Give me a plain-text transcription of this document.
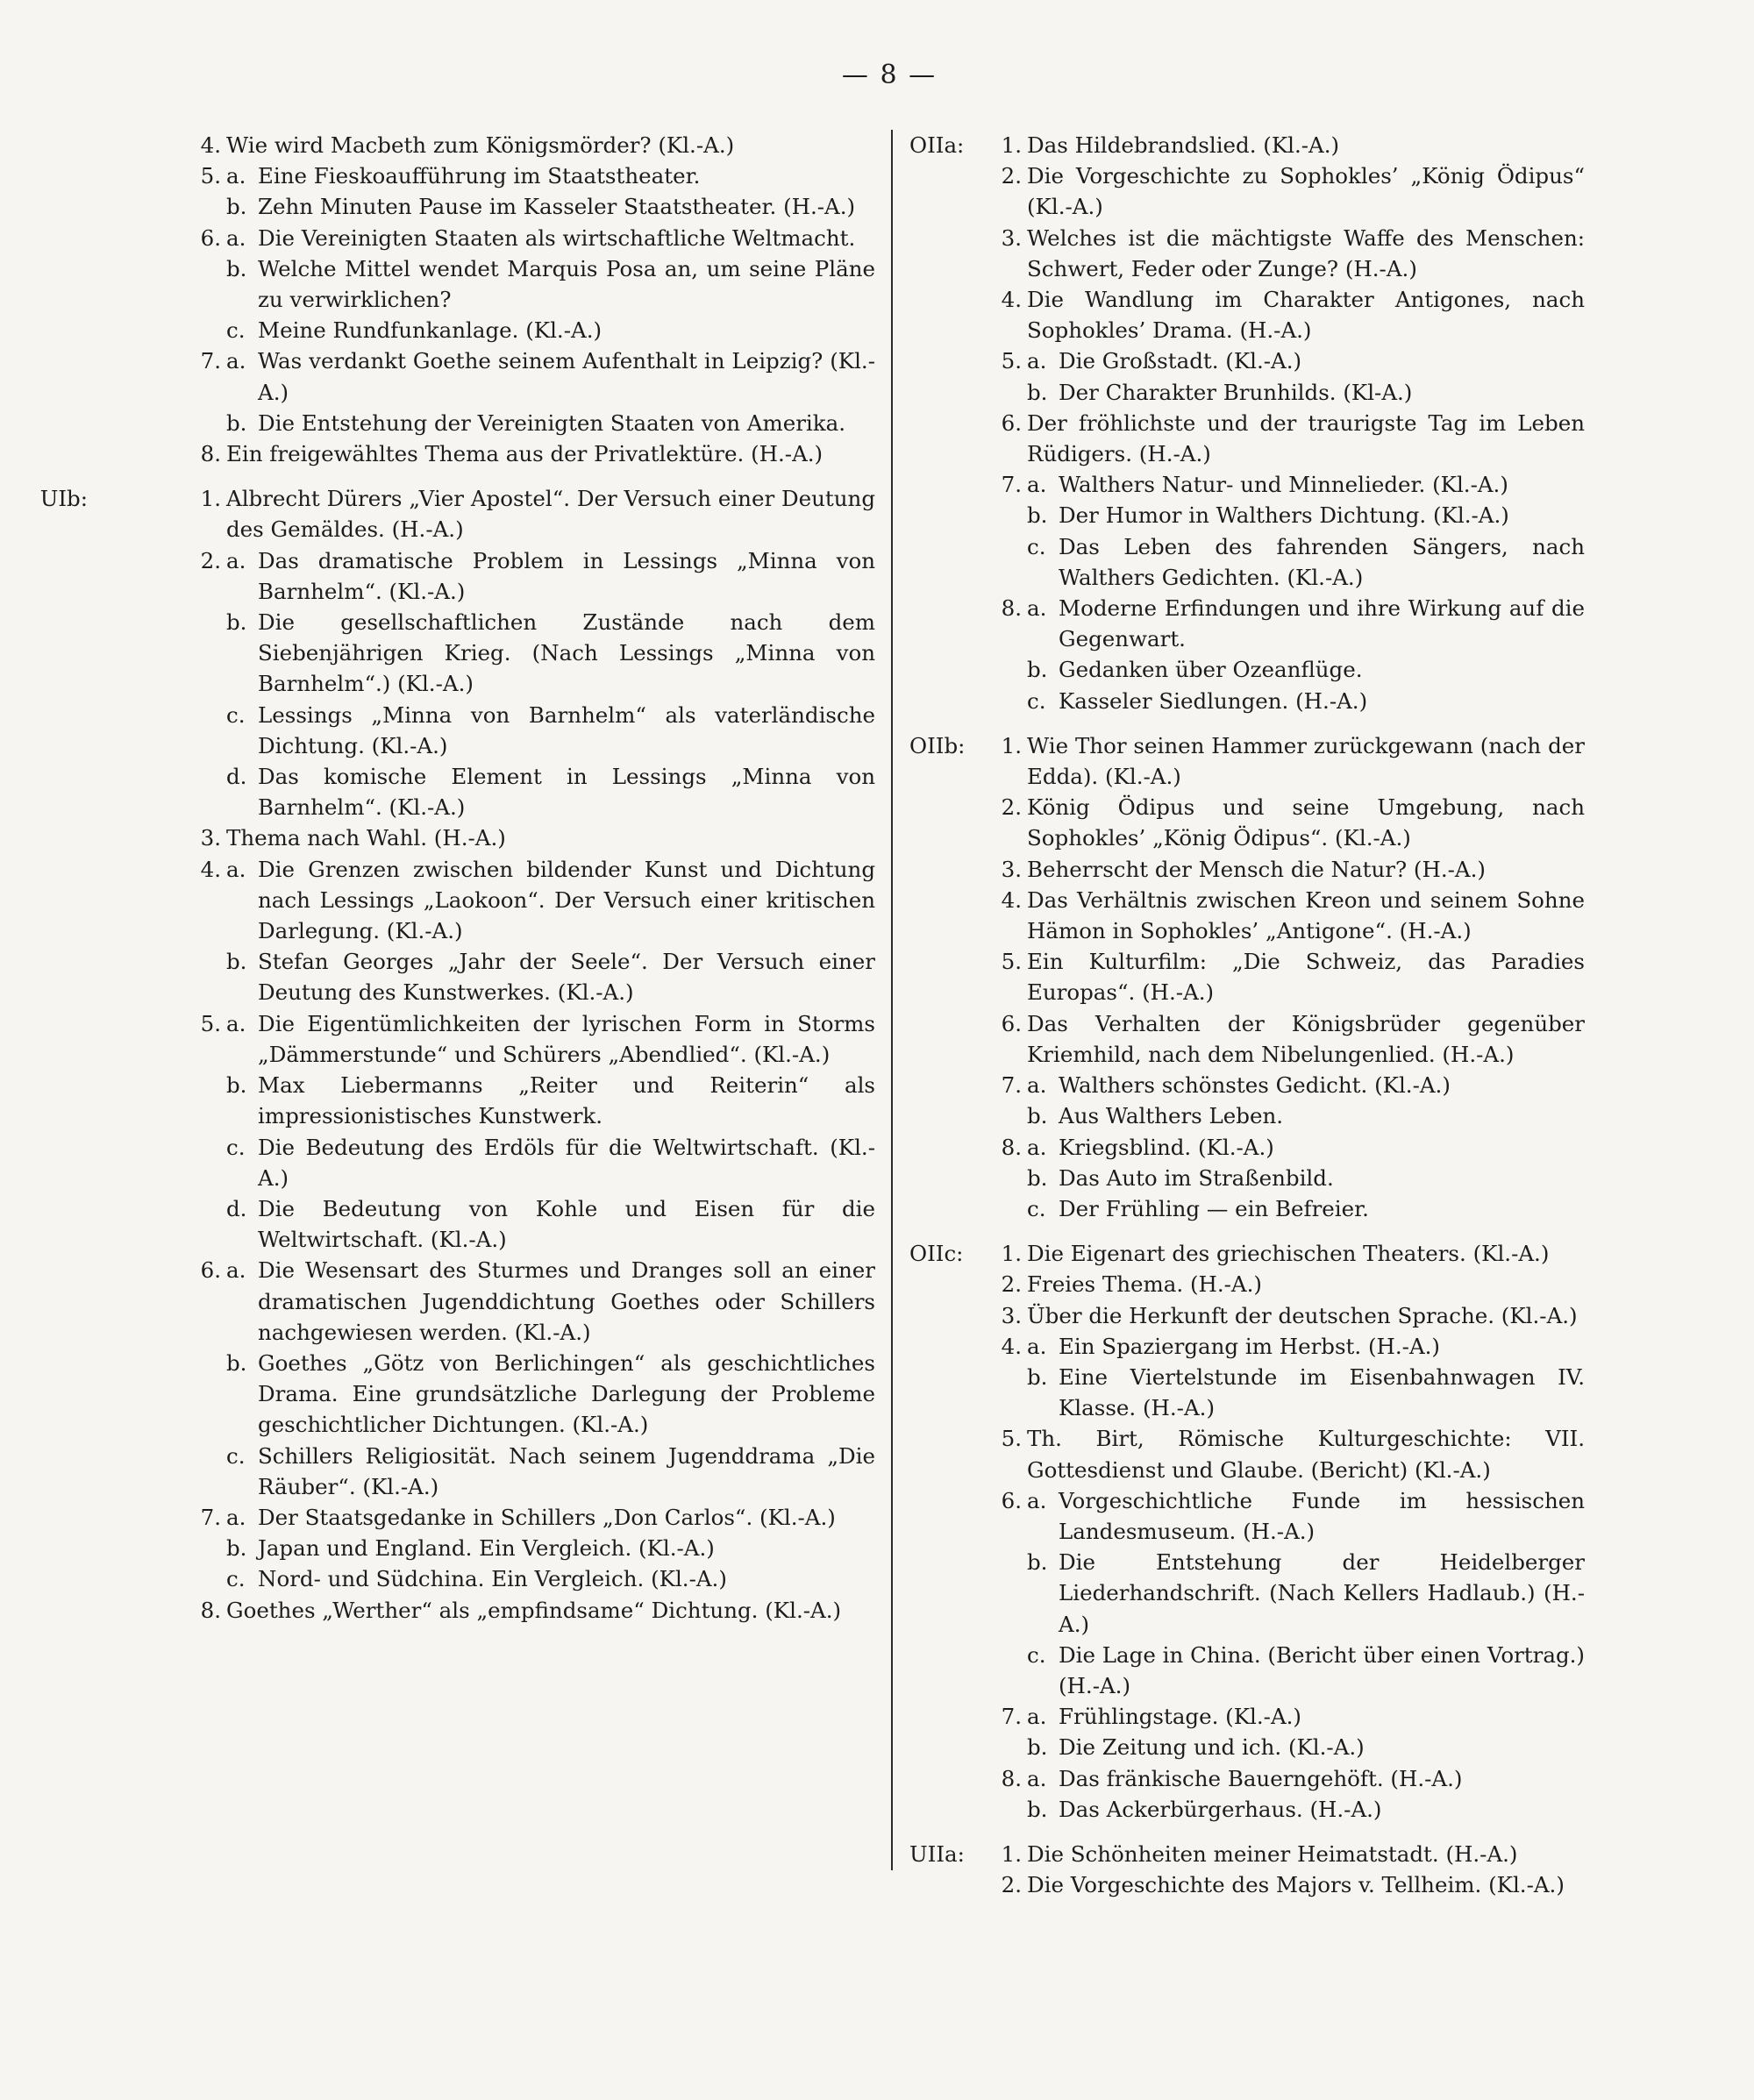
— 8 —
4. Wie wird Macbeth zum Königsmörder? (Kl.-A.)
5. a. Eine Fieskoaufführung im Staatstheater.
b. Zehn Minuten Pause im Kasseler Staatstheater. (H.-A.)
6. a. Die Vereinigten Staaten als wirtschaftliche Weltmacht.
b. Welche Mittel wendet Marquis Posa an, um seine Pläne zu verwirklichen?
c. Meine Rundfunkanlage. (Kl.-A.)
7. a. Was verdankt Goethe seinem Aufenthalt in Leipzig? (Kl.-A.)
b. Die Entstehung der Vereinigten Staaten von Amerika.
8. Ein freigewähltes Thema aus der Privatlektüre. (H.-A.)
UIb:	1. Albrecht Dürers „Vier Apostel“. Der Versuch einer Deutung des Gemäldes. (H.-A.)
2. a. Das dramatische Problem in Lessings „Minna von Barnhelm“. (Kl.-A.)
b. Die gesellschaftlichen Zustände nach dem Siebenjährigen Krieg. (Nach Lessings „Minna von Barnhelm“.) (Kl.-A.)
c. Lessings „Minna von Barnhelm“ als vaterländische Dichtung. (Kl.-A.)
d. Das komische Element in Lessings „Minna von Barnhelm“. (Kl.-A.)
3. Thema nach Wahl. (H.-A.)
4. a. Die Grenzen zwischen bildender Kunst und Dichtung nach Lessings „Laokoon“. Der Versuch einer kritischen Darlegung. (Kl.-A.)
b. Stefan Georges „Jahr der Seele“. Der Versuch einer Deutung des Kunstwerkes. (Kl.-A.)
5. a. Die Eigentümlichkeiten der lyrischen Form in Storms „Dämmerstunde“ und Schürers „Abendlied“. (Kl.-A.)
b. Max Liebermanns „Reiter und Reiterin“ als impressionistisches Kunstwerk.
c. Die Bedeutung des Erdöls für die Weltwirtschaft. (Kl.-A.)
d. Die Bedeutung von Kohle und Eisen für die Weltwirtschaft. (Kl.-A.)
6. a. Die Wesensart des Sturmes und Dranges soll an einer dramatischen Jugenddichtung Goethes oder Schillers nachgewiesen werden. (Kl.-A.)
b. Goethes „Götz von Berlichingen“ als geschichtliches Drama. Eine grundsätzliche Darlegung der Probleme geschichtlicher Dichtungen. (Kl.-A.)
c. Schillers Religiosität. Nach seinem Jugenddrama „Die Räuber“. (Kl.-A.)
7. a. Der Staatsgedanke in Schillers „Don Carlos“. (Kl.-A.)
b. Japan und England. Ein Vergleich. (Kl.-A.)
c. Nord- und Südchina. Ein Vergleich. (Kl.-A.)
8. Goethes „Werther“ als „empfindsame“ Dichtung. (Kl.-A.)
OIIa:	1. Das Hildebrandslied. (Kl.-A.)
2. Die Vorgeschichte zu Sophokles’ „König Ödipus“ (Kl.-A.)
3. Welches ist die mächtigste Waffe des Menschen: Schwert, Feder oder Zunge? (H.-A.)
4. Die Wandlung im Charakter Antigones, nach Sophokles’ Drama. (H.-A.)
5. a. Die Großstadt. (Kl.-A.)
b. Der Charakter Brunhilds. (Kl-A.)
6. Der fröhlichste und der traurigste Tag im Leben Rüdigers. (H.-A.)
7. a. Walthers Natur- und Minnelieder. (Kl.-A.)
b. Der Humor in Walthers Dichtung. (Kl.-A.)
c. Das Leben des fahrenden Sängers, nach Walthers Gedichten. (Kl.-A.)
8. a. Moderne Erfindungen und ihre Wirkung auf die Gegenwart.
b. Gedanken über Ozeanflüge.
c. Kasseler Siedlungen. (H.-A.)
OIIb:	1. Wie Thor seinen Hammer zurückgewann (nach der Edda). (Kl.-A.)
2. König Ödipus und seine Umgebung, nach Sophokles’ „König Ödipus“. (Kl.-A.)
3. Beherrscht der Mensch die Natur? (H.-A.)
4. Das Verhältnis zwischen Kreon und seinem Sohne Hämon in Sophokles’ „Antigone“. (H.-A.)
5. Ein Kulturfilm: „Die Schweiz, das Paradies Europas“. (H.-A.)
6. Das Verhalten der Königsbrüder gegenüber Kriemhild, nach dem Nibelungenlied. (H.-A.)
7. a. Walthers schönstes Gedicht. (Kl.-A.)
b. Aus Walthers Leben.
8. a. Kriegsblind. (Kl.-A.)
b. Das Auto im Straßenbild.
c. Der Frühling — ein Befreier.
OIIc:	1. Die Eigenart des griechischen Theaters. (Kl.-A.)
2. Freies Thema. (H.-A.)
3. Über die Herkunft der deutschen Sprache. (Kl.-A.)
4. a. Ein Spaziergang im Herbst. (H.-A.)
b. Eine Viertelstunde im Eisenbahnwagen IV. Klasse. (H.-A.)
5. Th. Birt, Römische Kulturgeschichte: VII. Gottesdienst und Glaube. (Bericht) (Kl.-A.)
6. a. Vorgeschichtliche Funde im hessischen Landesmuseum. (H.-A.)
b. Die Entstehung der Heidelberger Liederhandschrift. (Nach Kellers Hadlaub.) (H.-A.)
c. Die Lage in China. (Bericht über einen Vortrag.) (H.-A.)
7. a. Frühlingstage. (Kl.-A.)
b. Die Zeitung und ich. (Kl.-A.)
8. a. Das fränkische Bauerngehöft. (H.-A.)
b. Das Ackerbürgerhaus. (H.-A.)
UIIa:	1. Die Schönheiten meiner Heimatstadt. (H.-A.)
2. Die Vorgeschichte des Majors v. Tellheim. (Kl.-A.)
